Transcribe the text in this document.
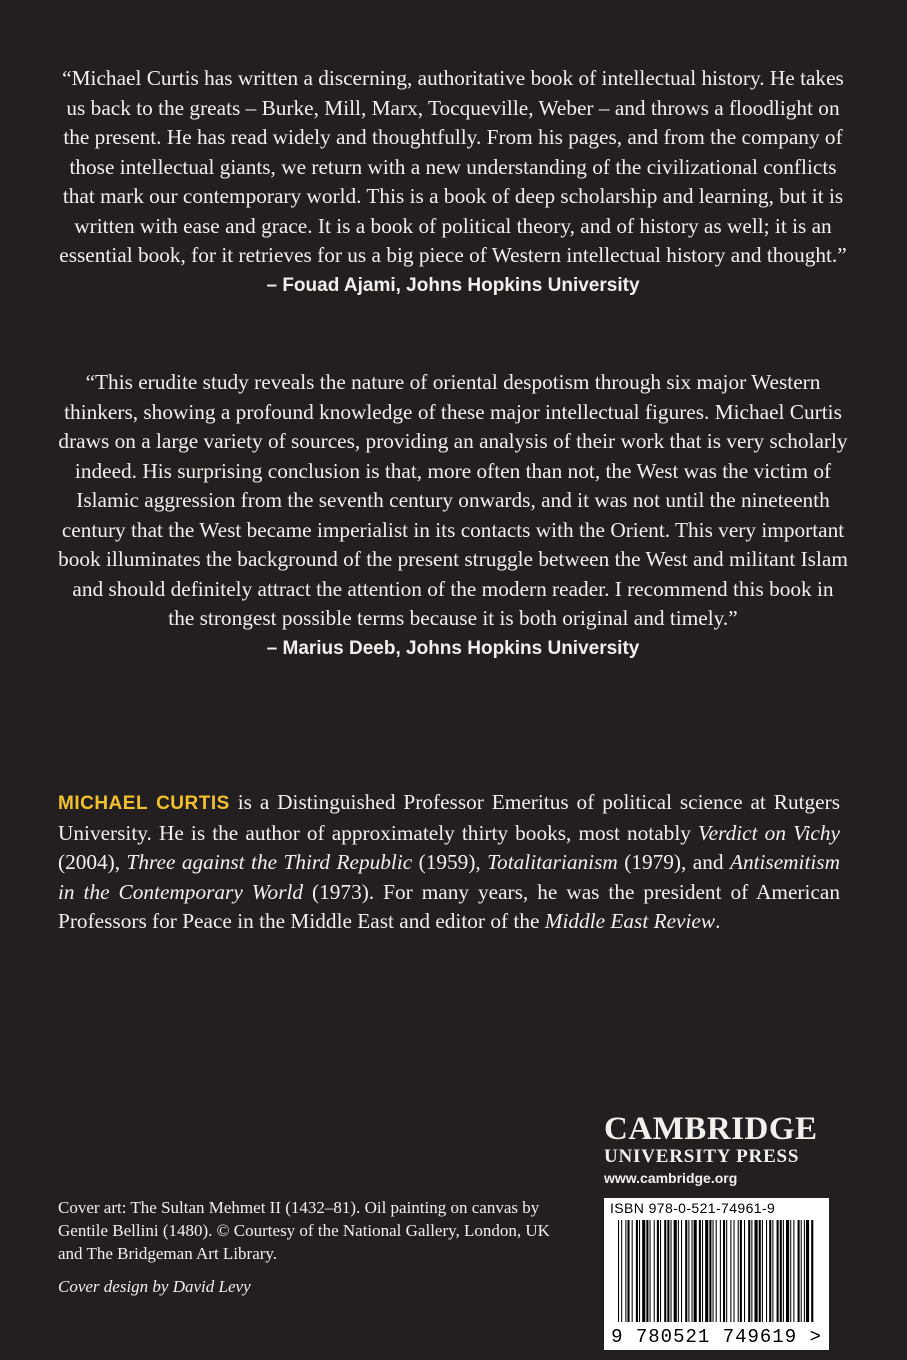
“Michael Curtis has written a discerning, authoritative book of intellectual history. He takes us back to the greats – Burke, Mill, Marx, Tocqueville, Weber – and throws a floodlight on the present. He has read widely and thoughtfully. From his pages, and from the company of those intellectual giants, we return with a new understanding of the civilizational conflicts that mark our contemporary world. This is a book of deep scholarship and learning, but it is written with ease and grace. It is a book of political theory, and of history as well; it is an essential book, for it retrieves for us a big piece of Western intellectual history and thought.”
– Fouad Ajami, Johns Hopkins University
“This erudite study reveals the nature of oriental despotism through six major Western thinkers, showing a profound knowledge of these major intellectual figures. Michael Curtis draws on a large variety of sources, providing an analysis of their work that is very scholarly indeed. His surprising conclusion is that, more often than not, the West was the victim of Islamic aggression from the seventh century onwards, and it was not until the nineteenth century that the West became imperialist in its contacts with the Orient. This very important book illuminates the background of the present struggle between the West and militant Islam and should definitely attract the attention of the modern reader. I recommend this book in the strongest possible terms because it is both original and timely.”
– Marius Deeb, Johns Hopkins University
MICHAEL CURTIS is a Distinguished Professor Emeritus of political science at Rutgers University. He is the author of approximately thirty books, most notably Verdict on Vichy (2004), Three against the Third Republic (1959), Totalitarianism (1979), and Antisemitism in the Contemporary World (1973). For many years, he was the president of American Professors for Peace in the Middle East and editor of the Middle East Review.
Cover art: The Sultan Mehmet II (1432–81). Oil painting on canvas by Gentile Bellini (1480). © Courtesy of the National Gallery, London, UK and The Bridgeman Art Library.
Cover design by David Levy
CAMBRIDGE
UNIVERSITY PRESS
www.cambridge.org
ISBN 978-0-521-74961-9
9 780521 749619 >
